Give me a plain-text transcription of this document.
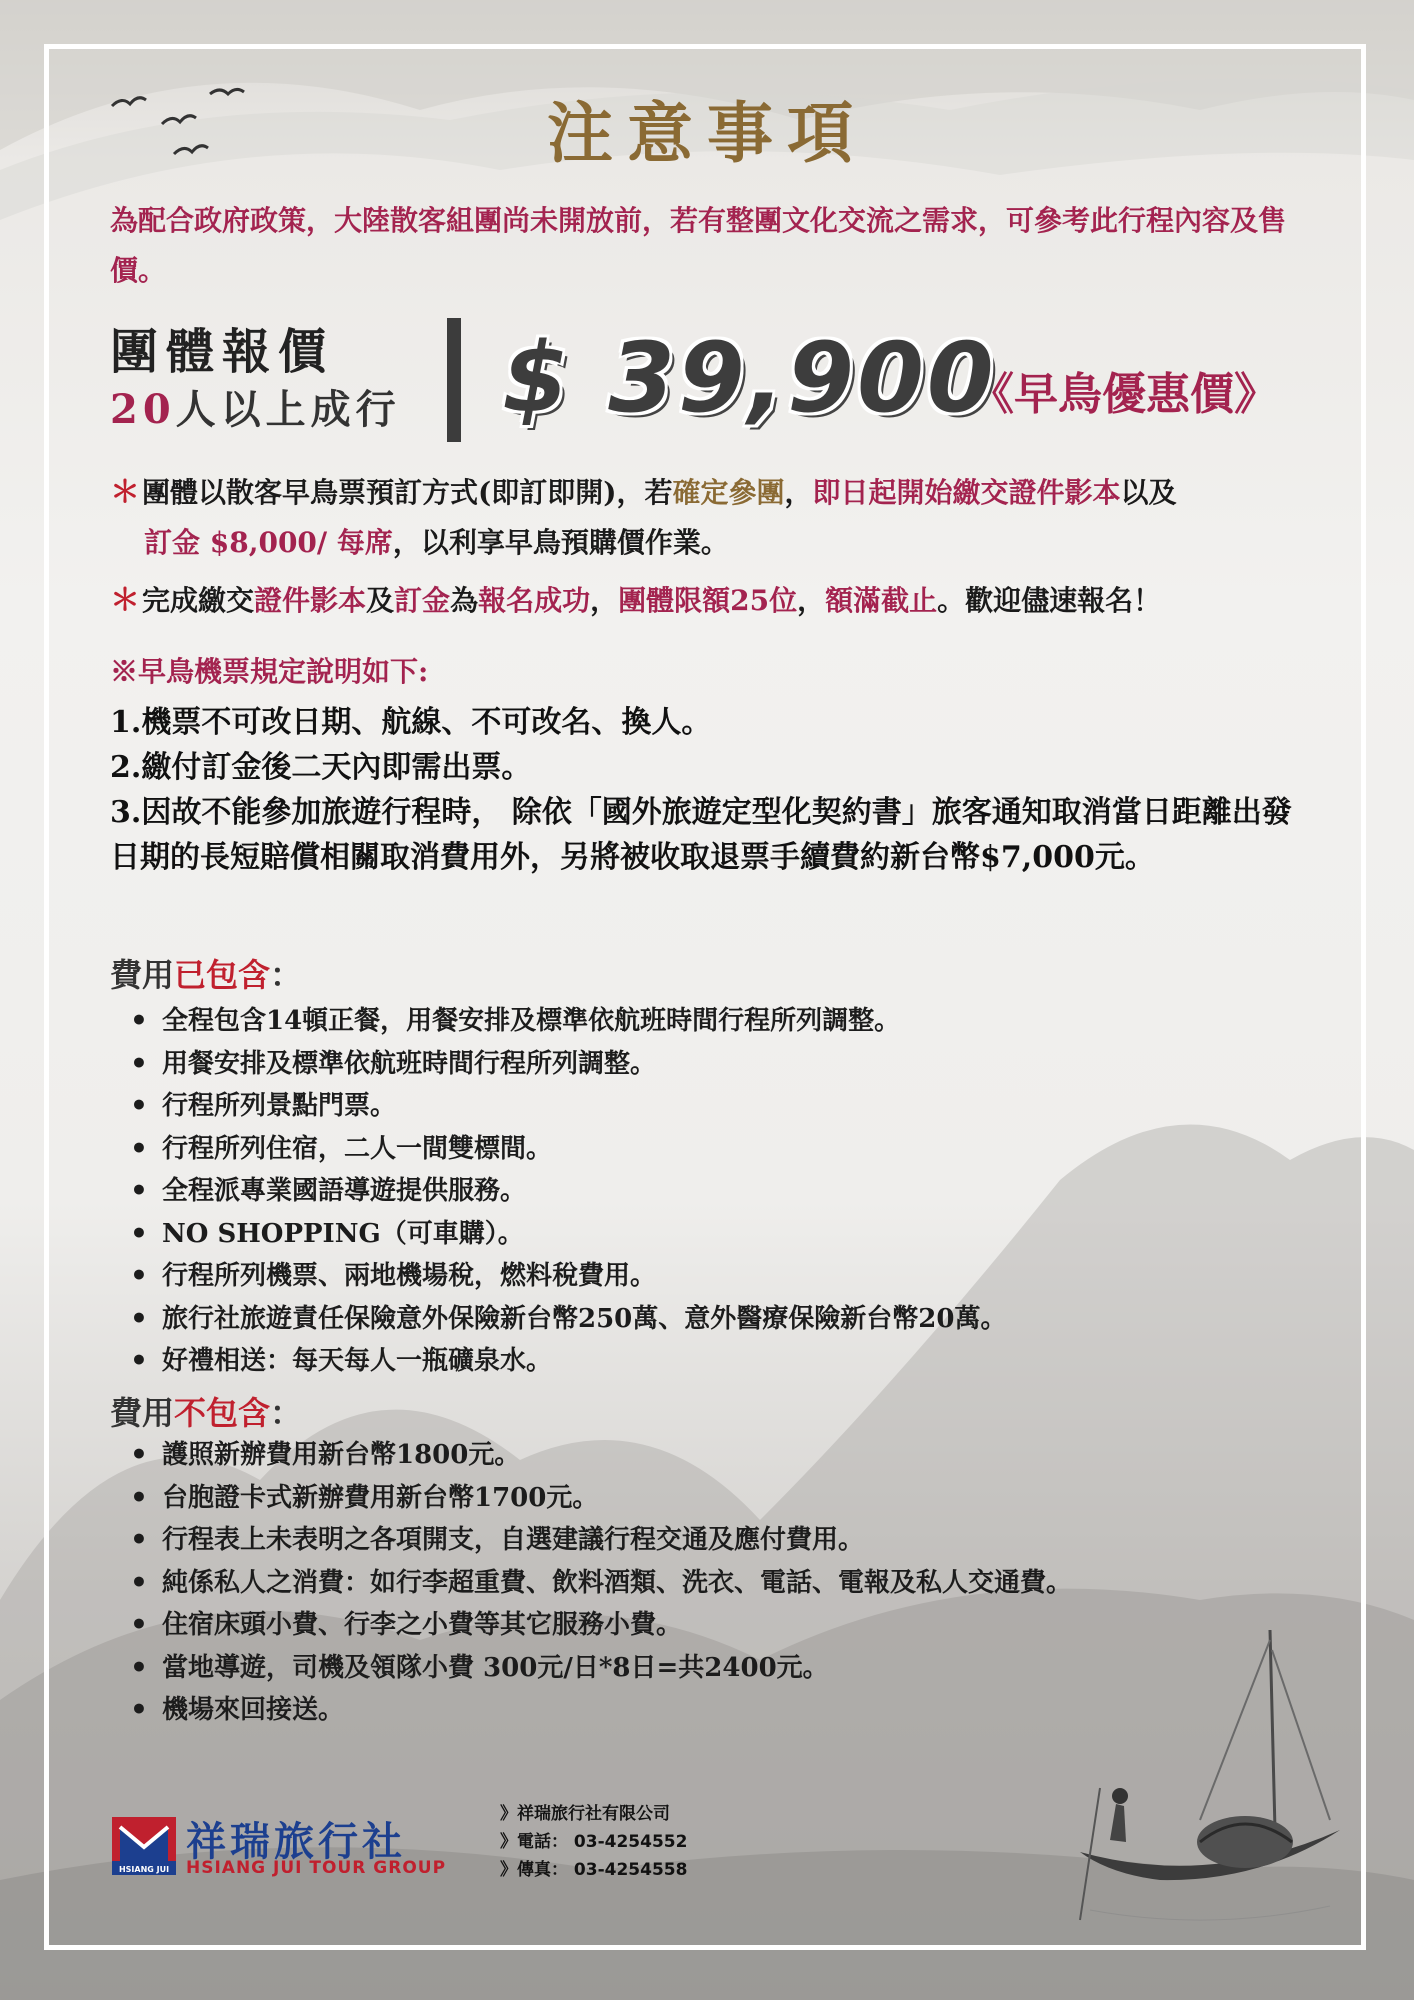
注意事項
為配合政府政策，大陸散客組團尚未開放前，若有整團文化交流之需求，可參考此行程內容及售價。
團體報價
20人以上成行	$ 39,900
《早鳥優惠價》
＊團體以散客早鳥票預訂方式(即訂即開)，若確定參團，即日起開始繳交證件影本以及
訂金 $8,000/ 每席，以利享早鳥預購價作業。
＊完成繳交證件影本及訂金為報名成功，團體限額25位，額滿截止。歡迎儘速報名！
※早鳥機票規定說明如下:
1.機票不可改日期、航線、不可改名、換人。
2.繳付訂金後二天內即需出票。
3.因故不能參加旅遊行程時， 除依「國外旅遊定型化契約書」旅客通知取消當日距離出發日期的長短賠償相關取消費用外，另將被收取退票手續費約新台幣$7,000元。
費用已包含：
• 全程包含14頓正餐，用餐安排及標準依航班時間行程所列調整。
• 用餐安排及標準依航班時間行程所列調整。
• 行程所列景點門票。
• 行程所列住宿，二人一間雙標間。
• 全程派專業國語導遊提供服務。
• NO SHOPPING（可車購）。
• 行程所列機票、兩地機場稅，燃料稅費用。
• 旅行社旅遊責任保險意外保險新台幣250萬、意外醫療保險新台幣20萬。
• 好禮相送：每天每人一瓶礦泉水。
費用不包含：
• 護照新辦費用新台幣1800元。
• 台胞證卡式新辦費用新台幣1700元。
• 行程表上未表明之各項開支，自選建議行程交通及應付費用。
• 純係私人之消費：如行李超重費、飲料酒類、洗衣、電話、電報及私人交通費。
• 住宿床頭小費、行李之小費等其它服務小費。
• 當地導遊，司機及領隊小費 300元/日*8日=共2400元。
• 機場來回接送。
HSIANG JUI
祥瑞旅行社
HSIANG JUI TOUR GROUP
》祥瑞旅行社有限公司
》電話： 03-4254552
》傳真： 03-4254558
